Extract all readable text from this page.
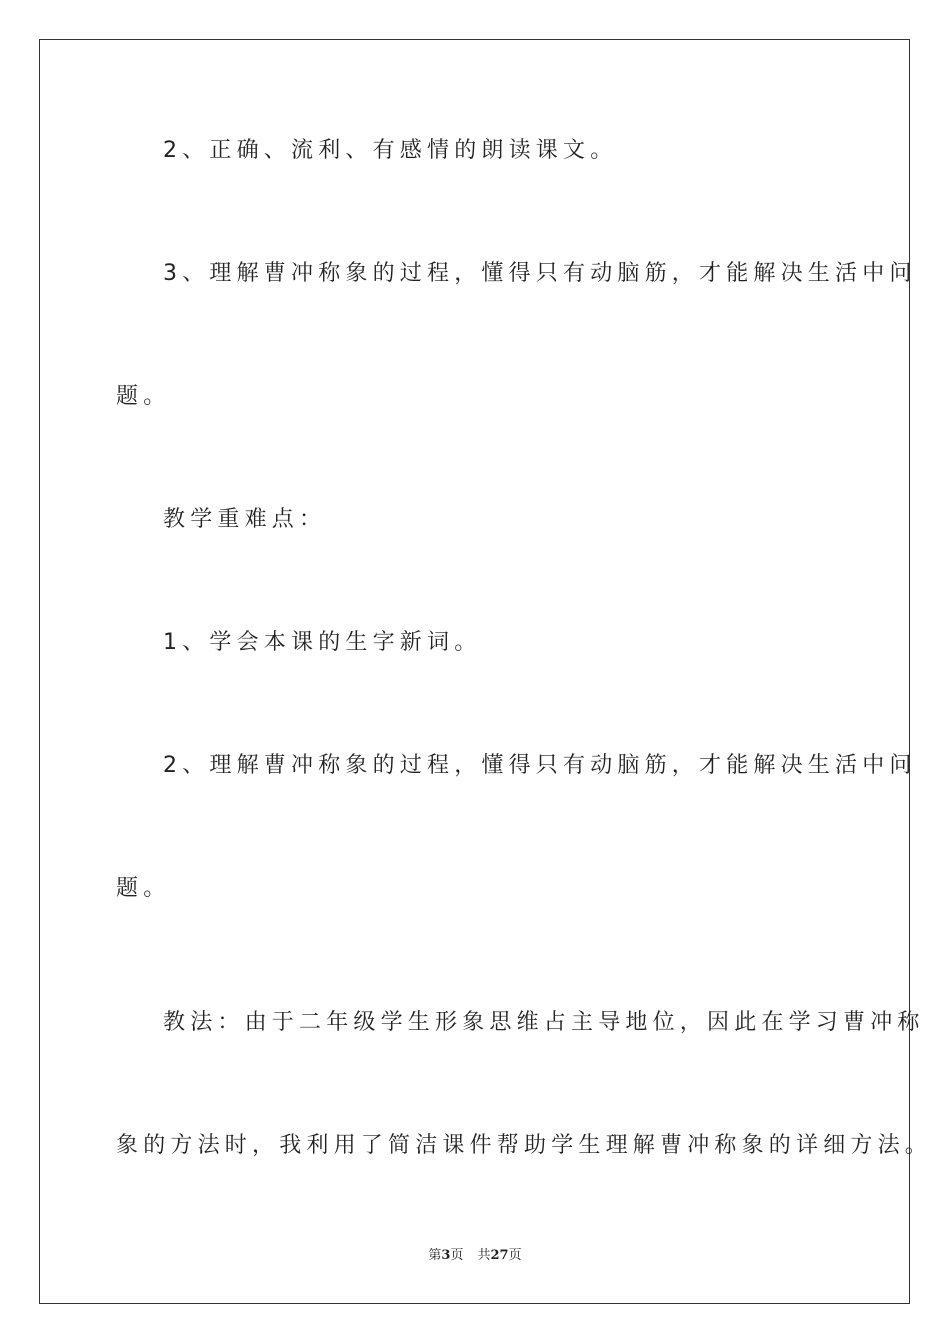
2、正确、流利、有感情的朗读课文。
3、理解曹冲称象的过程，懂得只有动脑筋，才能解决生活中问
题。
教学重难点：
1、学会本课的生字新词。
2、理解曹冲称象的过程，懂得只有动脑筋，才能解决生活中问
题。
教法：由于二年级学生形象思维占主导地位，因此在学习曹冲称
象的方法时，我利用了简洁课件帮助学生理解曹冲称象的详细方法。
第3页 共27页
